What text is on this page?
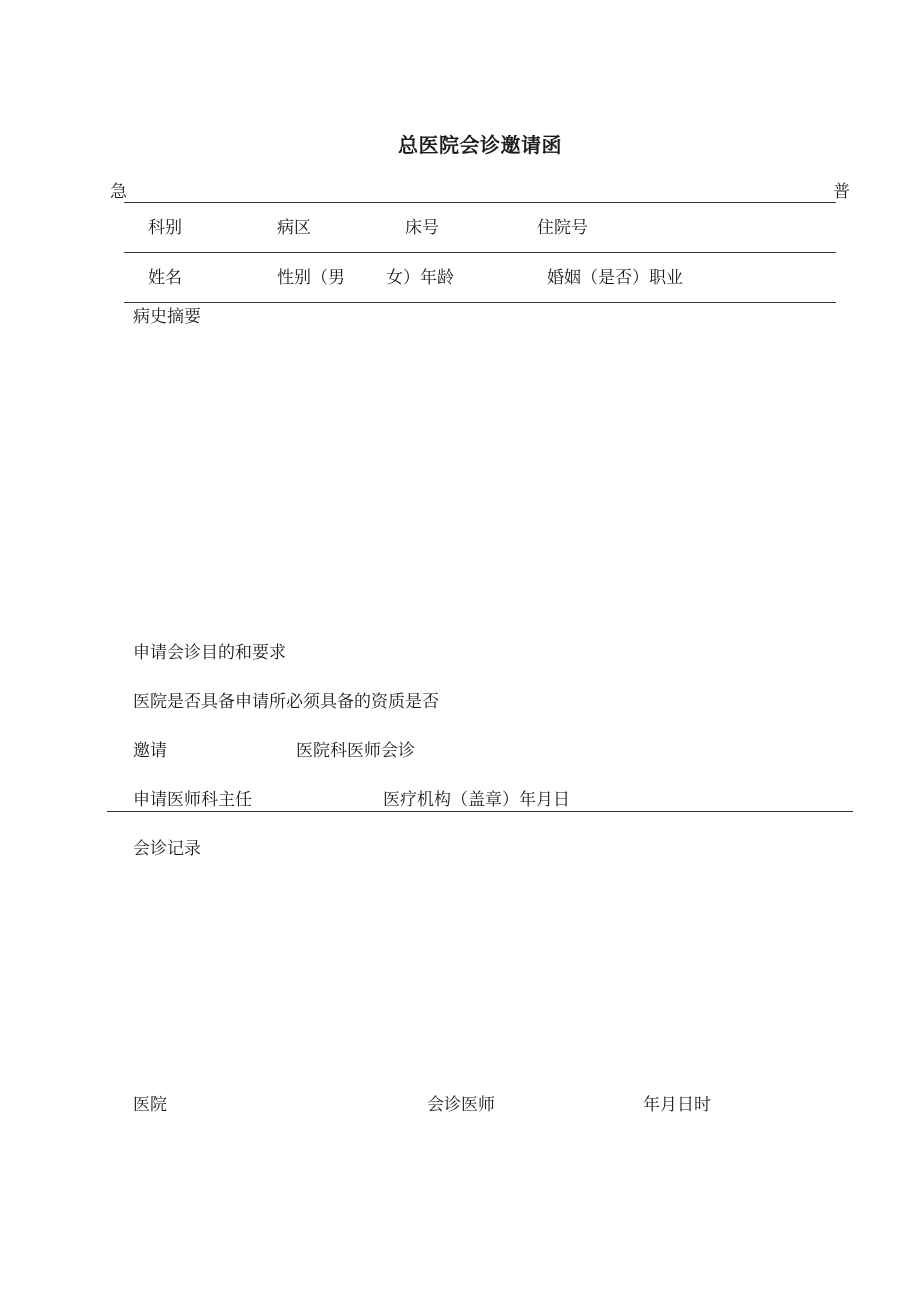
总医院会诊邀请函
急	普
科别	病区	床号	住院号
姓名	性别（男 女）年龄	婚姻（是否）职业
病史摘要
申请会诊目的和要求
医院是否具备申请所必须具备的资质是否
邀请	医院科医师会诊
申请医师科主任	医疗机构（盖章）年月日
会诊记录
医院	会诊医师	年月日时
